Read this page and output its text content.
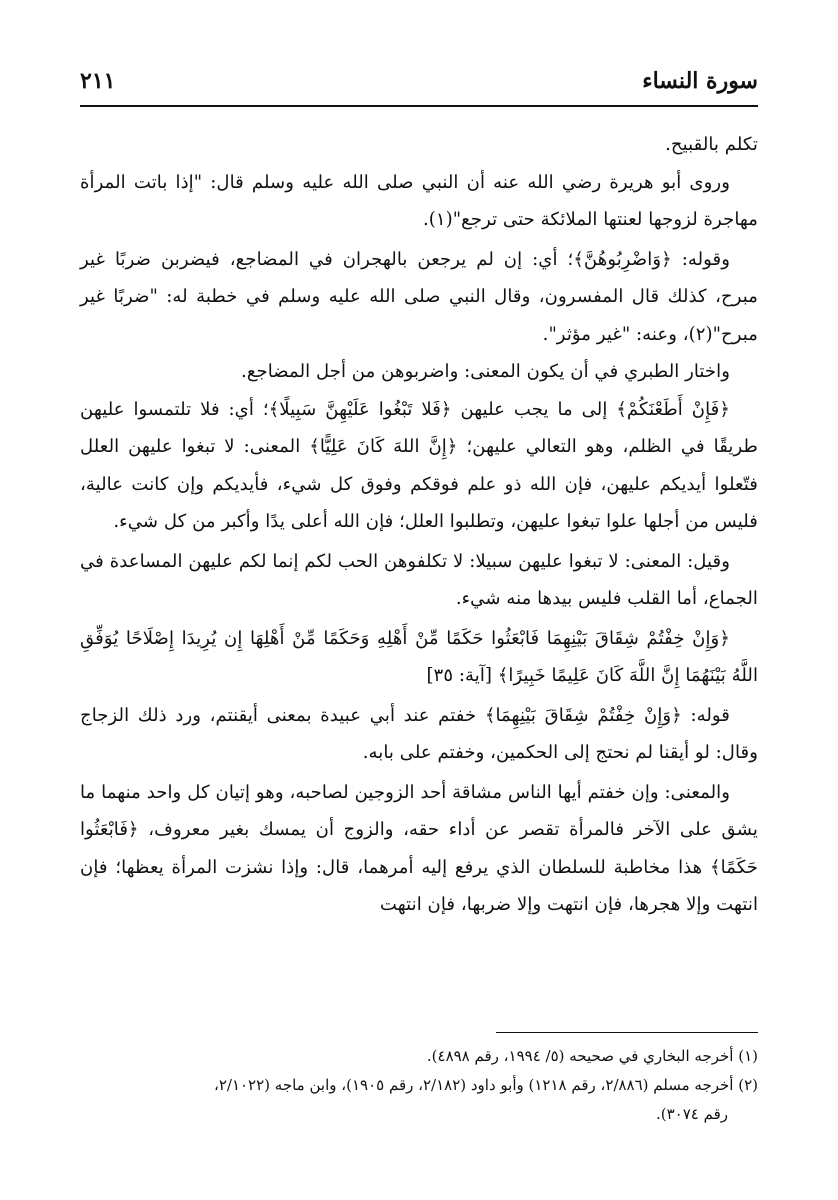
سورة النساء
٢١١

تكلم بالقبيح.

وروى أبو هريرة رضي الله عنه أن النبي صلى الله عليه وسلم قال: "إذا باتت المرأة مهاجرة لزوجها لعنتها الملائكة حتى ترجع"(١).

وقوله: ﴿وَاضْرِبُوهُنَّ﴾؛ أي: إن لم يرجعن بالهجران في المضاجع، فيضربن ضربًا غير مبرح، كذلك قال المفسرون، وقال النبي صلى الله عليه وسلم في خطبة له: "ضربًا غير مبرح"(٢)، وعنه: "غير مؤثر".

واختار الطبري في أن يكون المعنى: واضربوهن من أجل المضاجع.

﴿فَإِنْ أَطَعْنَكُمْ﴾ إلى ما يجب عليهن ﴿فَلا تَبْغُوا عَلَيْهِنَّ سَبِيلًا﴾؛ أي: فلا تلتمسوا عليهن طريقًا في الظلم، وهو التعالي عليهن؛ ﴿إِنَّ اللهَ كَانَ عَلِيًّا﴾ المعنى: لا تبغوا عليهن العلل فتّعلوا أيديكم عليهن، فإن الله ذو علم فوقكم وفوق كل شيء، فأيديكم وإن كانت عالية، فليس من أجلها علوا تبغوا عليهن، وتطلبوا العلل؛ فإن الله أعلى يدًا وأكبر من كل شيء.

وقيل: المعنى: لا تبغوا عليهن سبيلا: لا تكلفوهن الحب لكم إنما لكم عليهن المساعدة في الجماع، أما القلب فليس بيدها منه شيء.

﴿وَإِنْ خِفْتُمْ شِقَاقَ بَيْنِهِمَا فَابْعَثُوا حَكَمًا مِّنْ أَهْلِهِ وَحَكَمًا مِّنْ أَهْلِهَا إِن يُرِيدَا إِصْلَاحًا يُوَفِّقِ اللَّهُ بَيْنَهُمَا إِنَّ اللَّهَ كَانَ عَلِيمًا خَبِيرًا﴾ [آية: ٣٥]

قوله: ﴿وَإِنْ خِفْتُمْ شِقَاقَ بَيْنِهِمَا﴾ خفتم عند أبي عبيدة بمعنى أيقنتم، ورد ذلك الزجاج وقال: لو أيقنا لم نحتج إلى الحكمين، وخفتم على بابه.

والمعنى: وإن خفتم أيها الناس مشاقة أحد الزوجين لصاحبه، وهو إتيان كل واحد منهما ما يشق على الآخر فالمرأة تقصر عن أداء حقه، والزوج أن يمسك بغير معروف، ﴿فَابْعَثُوا حَكَمًا﴾ هذا مخاطبة للسلطان الذي يرفع إليه أمرهما، قال: وإذا نشزت المرأة يعظها؛ فإن انتهت وإلا هجرها، فإن انتهت وإلا ضربها، فإن انتهت

(١) أخرجه البخاري في صحيحه (٥/ ١٩٩٤، رقم ٤٨٩٨).

(٢) أخرجه مسلم (٢/٨٨٦، رقم ١٢١٨) وأبو داود (٢/١٨٢، رقم ١٩٠٥)، وابن ماجه (٢/١٠٢٢،

رقم ٣٠٧٤).
